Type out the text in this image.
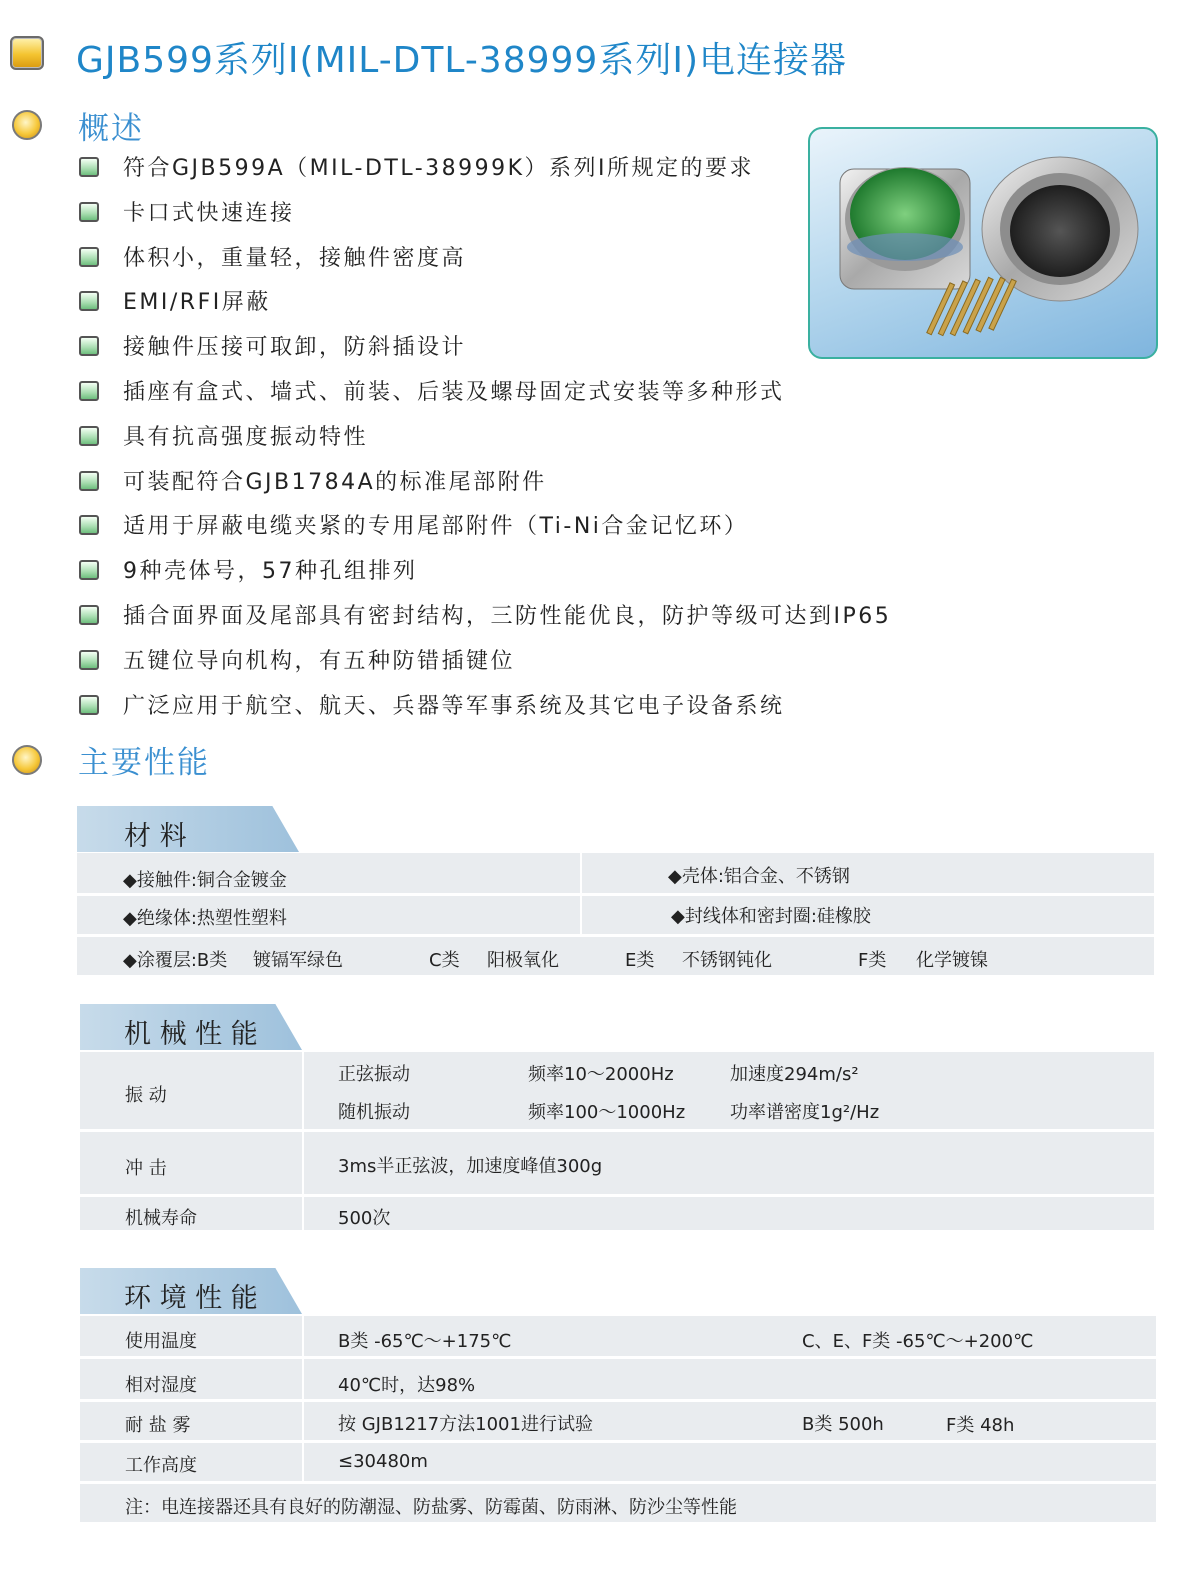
GJB599系列Ⅰ(MIL-DTL-38999系列Ⅰ)电连接器
概述
符合GJB599A（MIL-DTL-38999K）系列Ⅰ所规定的要求
卡口式快速连接
体积小，重量轻，接触件密度高
EMI/RFI屏蔽
接触件压接可取卸，防斜插设计
插座有盒式、墙式、前装、后装及螺母固定式安装等多种形式
具有抗高强度振动特性
可装配符合GJB1784A的标准尾部附件
适用于屏蔽电缆夹紧的专用尾部附件（Ti-Ni合金记忆环）
9种壳体号，57种孔组排列
插合面界面及尾部具有密封结构，三防性能优良，防护等级可达到IP65
五键位导向机构，有五种防错插键位
广泛应用于航空、航天、兵器等军事系统及其它电子设备系统
主要性能
材 料
◆接触件:铜合金镀金	◆壳体:铝合金、不锈钢
◆绝缘体:热塑性塑料	◆封线体和密封圈:硅橡胶
◆涂覆层:B类 镀镉军绿色	C类 阳极氧化	E类 不锈钢钝化	F类 化学镀镍
机 械 性 能
振 动
正弦振动	频率10～2000Hz	加速度294m/s²
随机振动	频率100～1000Hz 功率谱密度1g²/Hz
冲 击	3ms半正弦波，加速度峰值300g
机械寿命	500次
环 境 性 能
使用温度	B类 -65℃～+175℃	C、E、F类 -65℃～+200℃
相对湿度	40℃时，达98%
耐 盐 雾	按 GJB1217方法1001进行试验	B类 500h	F类 48h
工作高度	≤30480m
注：电连接器还具有良好的防潮湿、防盐雾、防霉菌、防雨淋、防沙尘等性能
